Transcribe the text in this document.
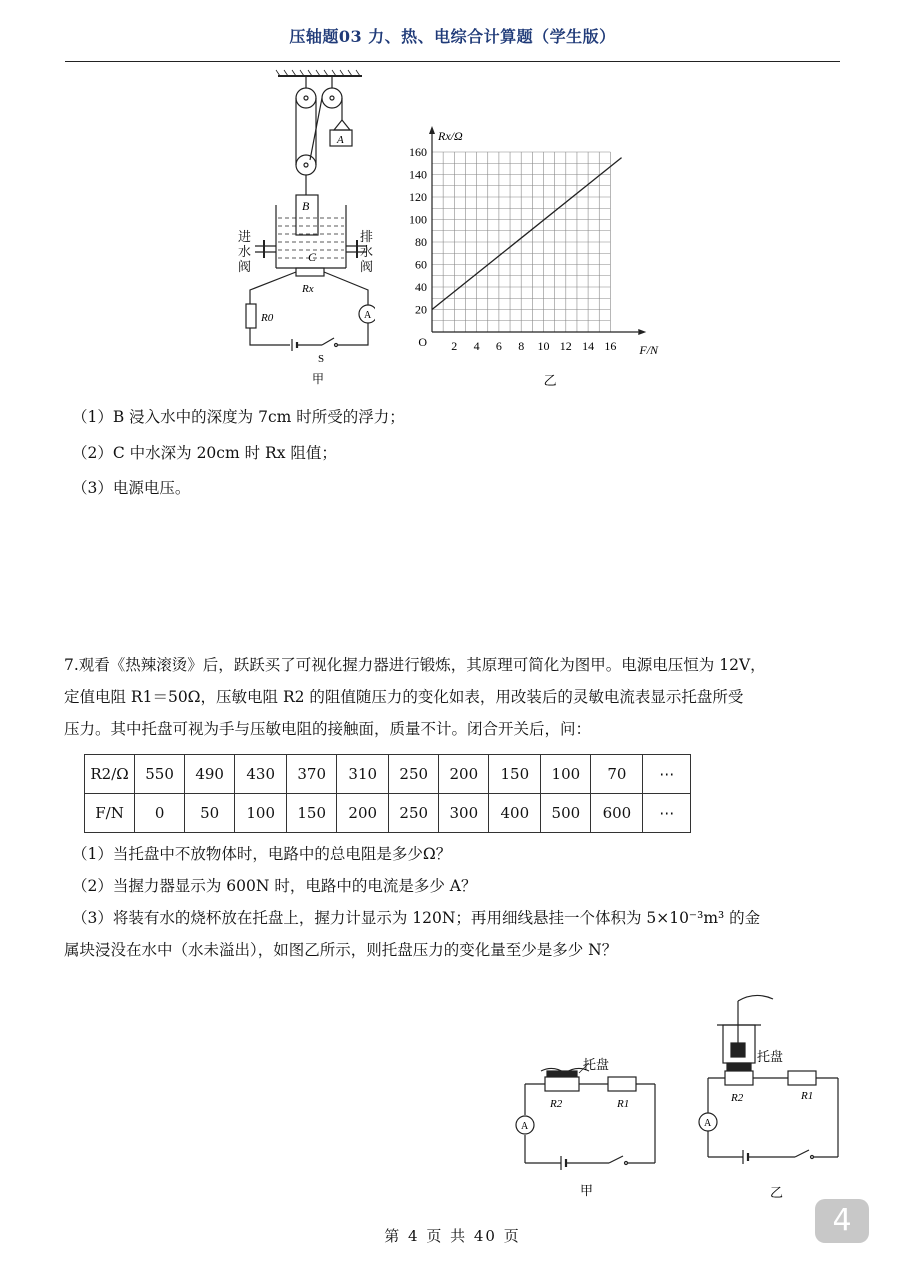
压轴题03 力、热、电综合计算题（学生版）
A
B
C
Rx
R0	A
S
甲
进水阀
排水阀
2 4 6 8 10 12 14 16
20
40
60
80
100
120
140
160
O
Rx/Ω
F/N
乙
（1）B 浸入水中的深度为 7cm 时所受的浮力；
（2）C 中水深为 20cm 时 Rx 阻值；
（3）电源电压。
7.观看《热辣滚烫》后，跃跃买了可视化握力器进行锻炼，其原理可简化为图甲。电源电压恒为 12V，
定值电阻 R1＝50Ω，压敏电阻 R2 的阻值随压力的变化如表，用改装后的灵敏电流表显示托盘所受
压力。其中托盘可视为手与压敏电阻的接触面，质量不计。闭合开关后，问：
R2/Ω	550	490	430	370	310	250	200	150	100	70	⋯
F/N	0	50	100	150	200	250	300	400	500	600	⋯
（1）当托盘中不放物体时，电路中的总电阻是多少Ω？
（2）当握力器显示为 600N 时，电路中的电流是多少 A？
（3）将装有水的烧杯放在托盘上，握力计显示为 120N；再用细线悬挂一个体积为 5×10⁻³m³ 的金
属块浸没在水中（水未溢出），如图乙所示，则托盘压力的变化量至少是多少 N？
托盘
R2	R1
A
甲
托盘
R2	R1
A
乙
第 4 页 共 40 页	4
